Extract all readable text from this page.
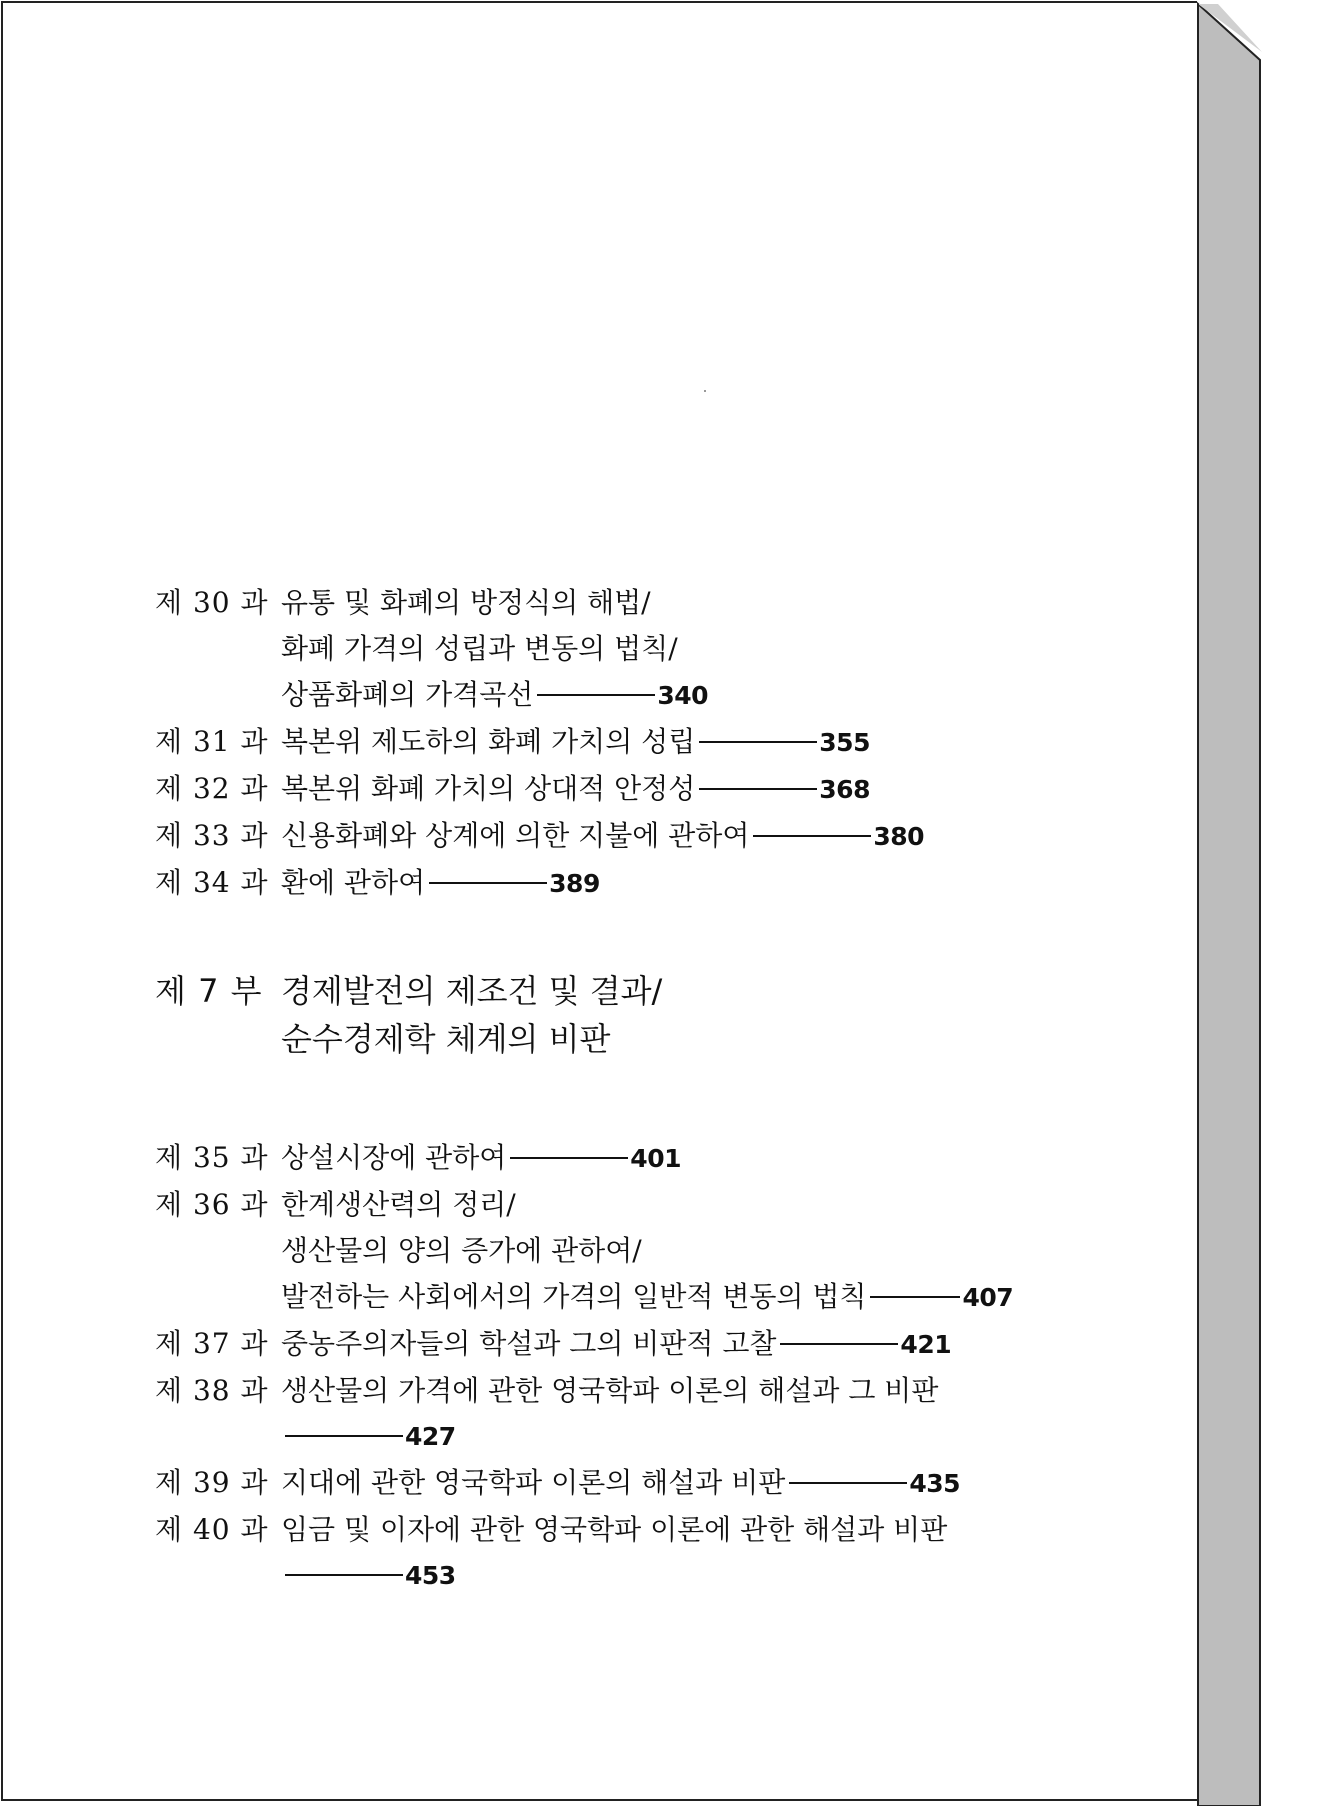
제 30 과 유통 및 화폐의 방정식의 해법/
화폐 가격의 성립과 변동의 법칙/
상품화폐의 가격곡선	340
제 31 과 복본위 제도하의 화폐 가치의 성립	355
제 32 과 복본위 화폐 가치의 상대적 안정성	368
제 33 과 신용화폐와 상계에 의한 지불에 관하여	380
제 34 과 환에 관하여	389
제 7 부 경제발전의 제조건 및 결과/
순수경제학 체계의 비판
제 35 과 상설시장에 관하여	401
제 36 과 한계생산력의 정리/
생산물의 양의 증가에 관하여/
발전하는 사회에서의 가격의 일반적 변동의 법칙	407
제 37 과 중농주의자들의 학설과 그의 비판적 고찰	421
제 38 과 생산물의 가격에 관한 영국학파 이론의 해설과 그 비판
427
제 39 과 지대에 관한 영국학파 이론의 해설과 비판	435
제 40 과 임금 및 이자에 관한 영국학파 이론에 관한 해설과 비판
453
